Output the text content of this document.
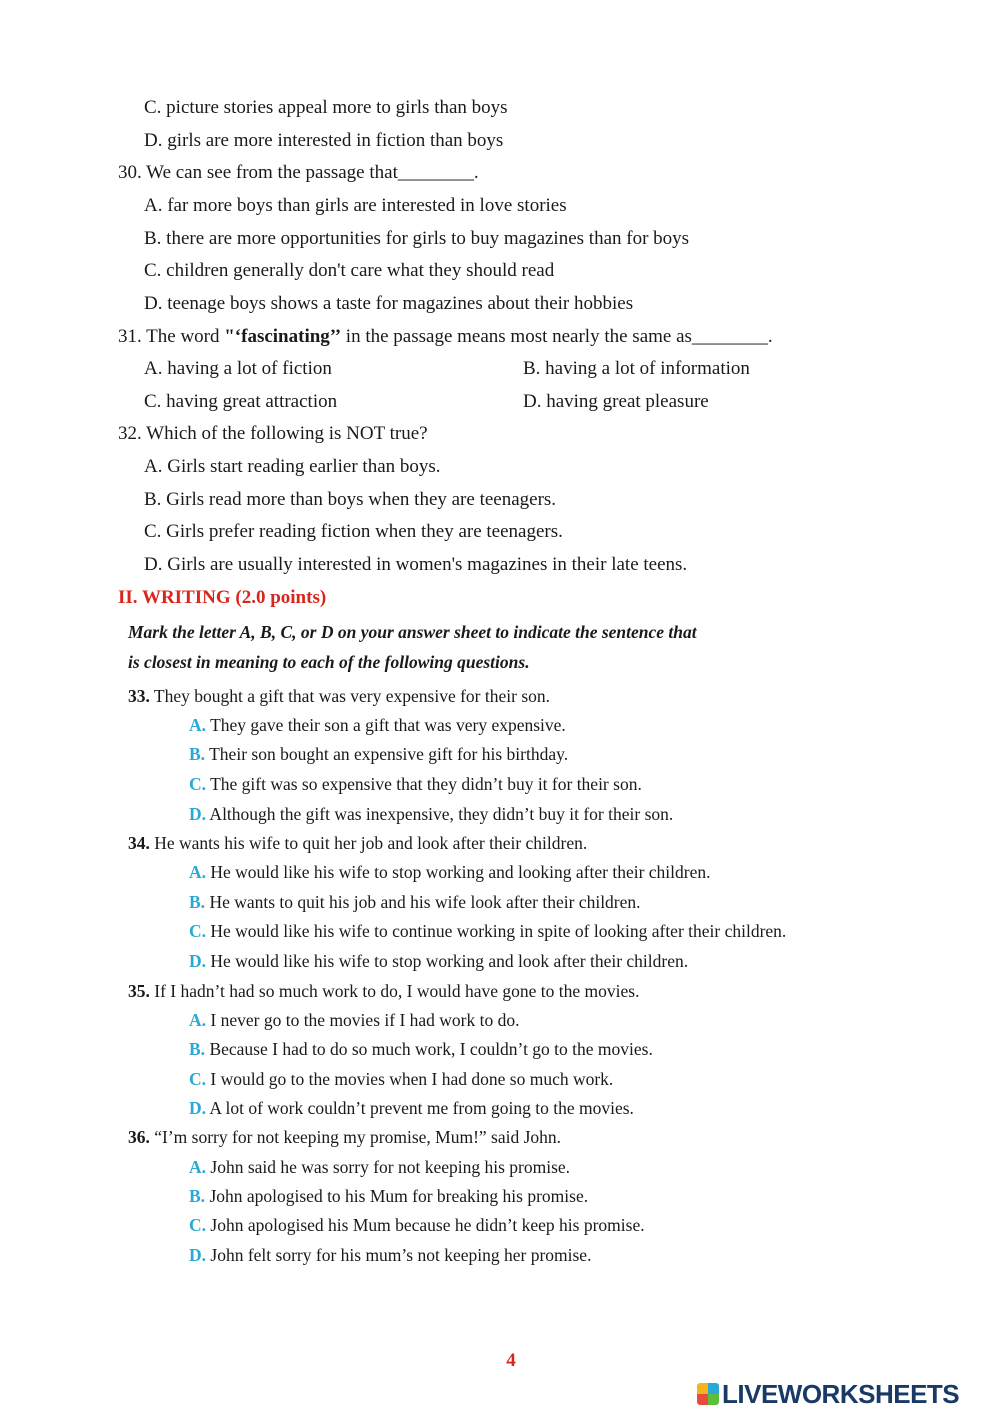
C. picture stories appeal more to girls than boys
D. girls are more interested in fiction than boys
30. We can see from the passage that________.
A. far more boys than girls are interested in love stories
B. there are more opportunities for girls to buy magazines than for boys
C. children generally don't care what they should read
D. teenage boys shows a taste for magazines about their hobbies
31. The word "‘fascinating’’ in the passage means most nearly the same as________.
A. having a lot of fiction	B. having a lot of information
C. having great attraction	D. having great pleasure
32. Which of the following is NOT true?
A. Girls start reading earlier than boys.
B. Girls read more than boys when they are teenagers.
C. Girls prefer reading fiction when they are teenagers.
D. Girls are usually interested in women's magazines in their late teens.
II. WRITING (2.0 points)
Mark the letter A, B, C, or D on your answer sheet to indicate the sentence that
is closest in meaning to each of the following questions.
33. They bought a gift that was very expensive for their son.
A. They gave their son a gift that was very expensive.
B. Their son bought an expensive gift for his birthday.
C. The gift was so expensive that they didn’t buy it for their son.
D. Although the gift was inexpensive, they didn’t buy it for their son.
34. He wants his wife to quit her job and look after their children.
A. He would like his wife to stop working and looking after their children.
B. He wants to quit his job and his wife look after their children.
C. He would like his wife to continue working in spite of looking after their children.
D. He would like his wife to stop working and look after their children.
35. If I hadn’t had so much work to do, I would have gone to the movies.
A. I never go to the movies if I had work to do.
B. Because I had to do so much work, I couldn’t go to the movies.
C. I would go to the movies when I had done so much work.
D. A lot of work couldn’t prevent me from going to the movies.
36. “I’m sorry for not keeping my promise, Mum!” said John.
A. John said he was sorry for not keeping his promise.
B. John apologised to his Mum for breaking his promise.
C. John apologised his Mum because he didn’t keep his promise.
D. John felt sorry for his mum’s not keeping her promise.
4
LIVEWORKSHEETS
